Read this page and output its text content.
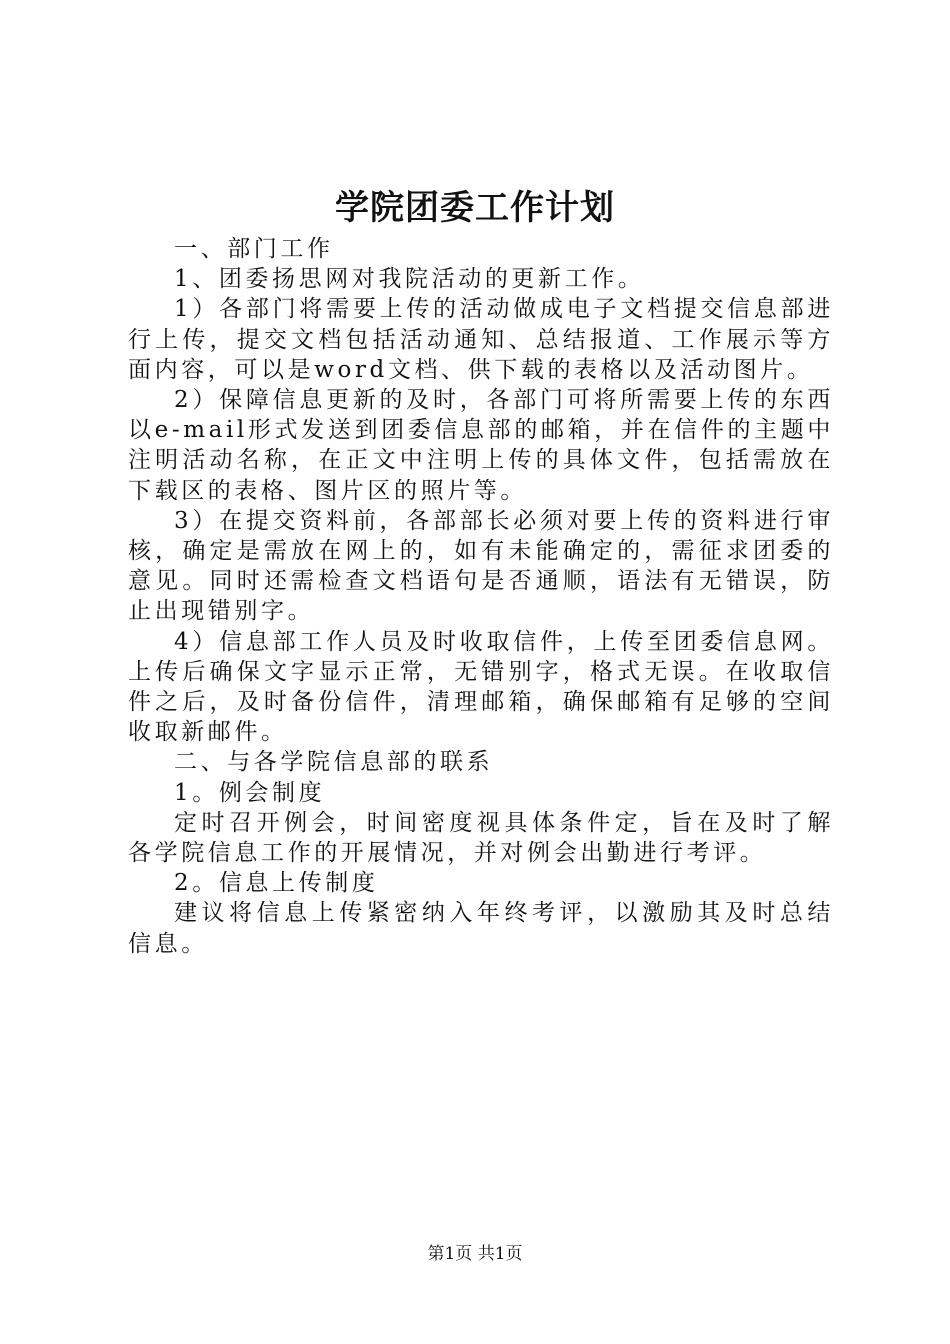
学院团委工作计划

一、部门工作

1、团委扬思网对我院活动的更新工作。

1）各部门将需要上传的活动做成电子文档提交信息部进行上传，提交文档包括活动通知、总结报道、工作展示等方面内容，可以是word文档、供下载的表格以及活动图片。

2）保障信息更新的及时，各部门可将所需要上传的东西以e-mail形式发送到团委信息部的邮箱，并在信件的主题中注明活动名称，在正文中注明上传的具体文件，包括需放在下载区的表格、图片区的照片等。

3）在提交资料前，各部部长必须对要上传的资料进行审核，确定是需放在网上的，如有未能确定的，需征求团委的意见。同时还需检查文档语句是否通顺，语法有无错误，防止出现错别字。

4）信息部工作人员及时收取信件，上传至团委信息网。上传后确保文字显示正常，无错别字，格式无误。在收取信件之后，及时备份信件，清理邮箱，确保邮箱有足够的空间收取新邮件。

二、与各学院信息部的联系

1。例会制度

定时召开例会，时间密度视具体条件定，旨在及时了解各学院信息工作的开展情况，并对例会出勤进行考评。

2。信息上传制度

建议将信息上传紧密纳入年终考评，以激励其及时总结信息。

第1页 共1页
